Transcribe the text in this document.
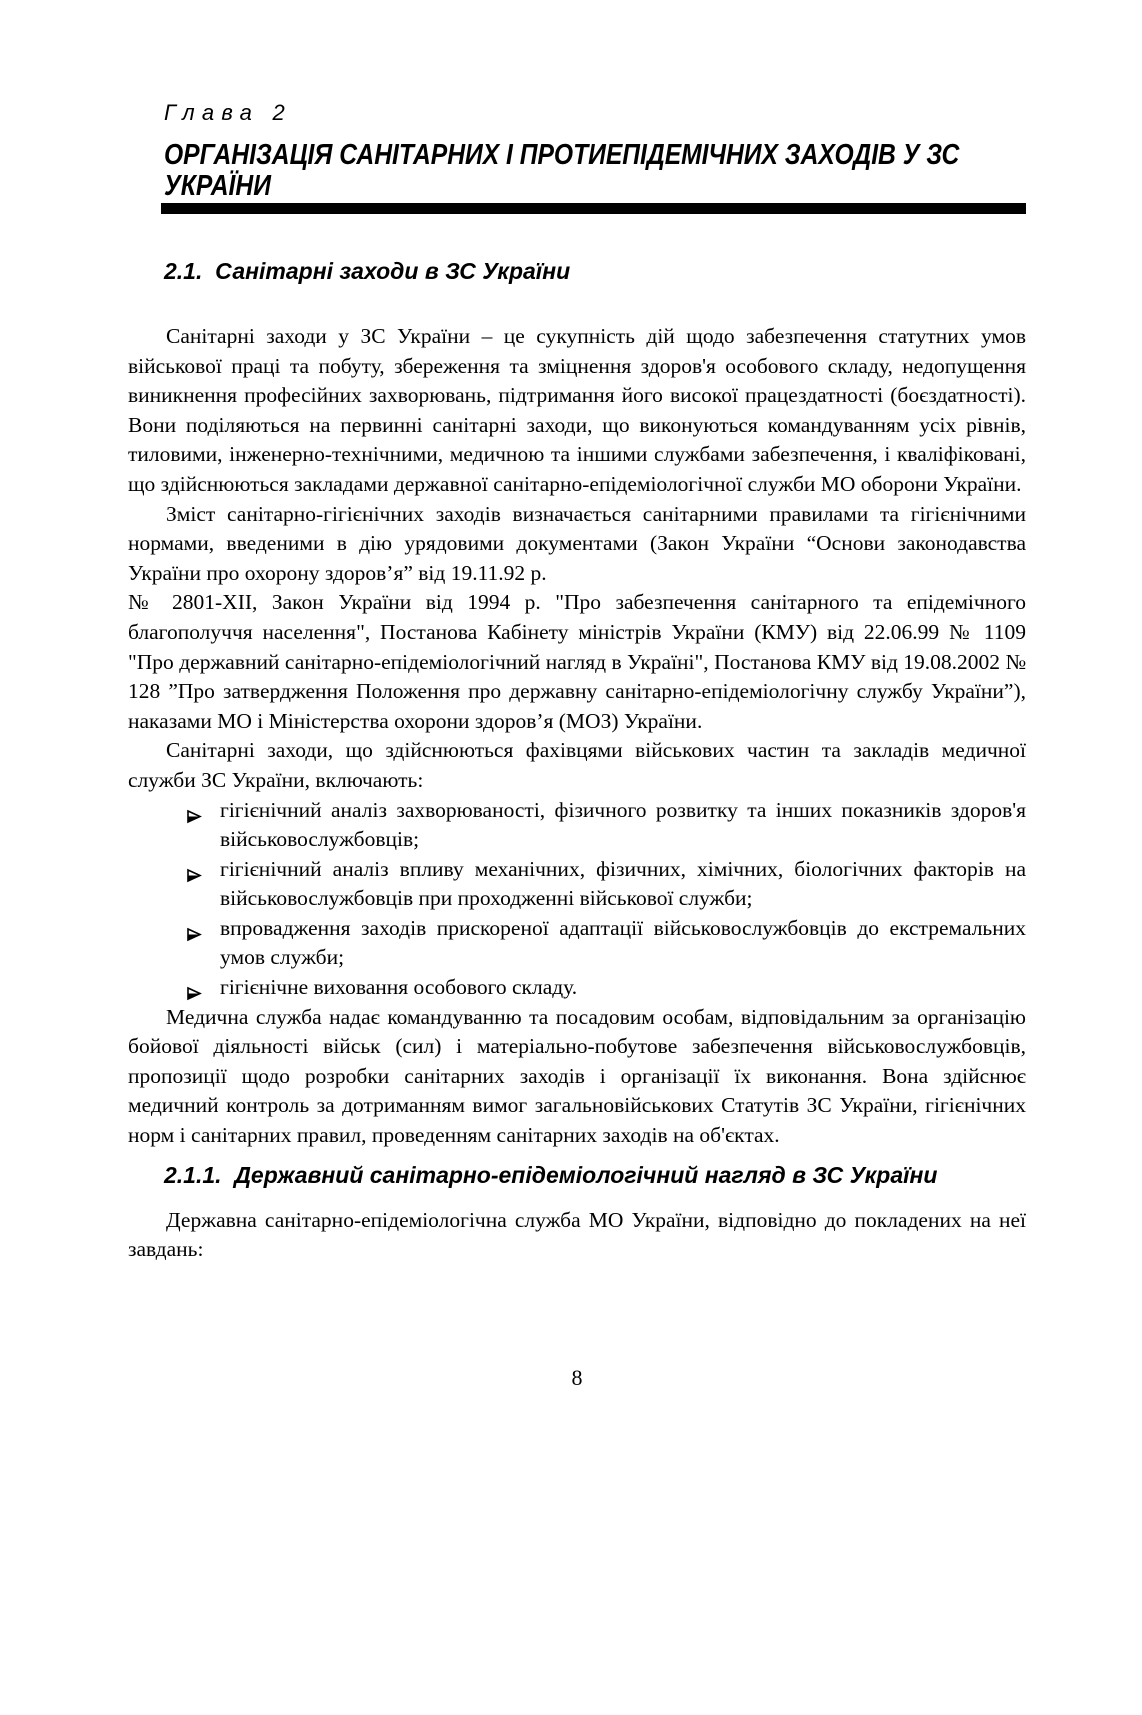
Глава 2
ОРГАНІЗАЦІЯ САНІТАРНИХ І ПРОТИЕПІДЕМІЧНИХ ЗАХОДІВ У ЗС УКРАЇНИ
2.1.  Санітарні заходи в ЗС України

Санітарні заходи у ЗС України – це сукупність дій щодо забезпечення статутних умов військової праці та побуту, збереження та зміцнення здоров'я особового складу, недопущення виникнення професійних захворювань, підтримання його високої працездатності (боєздатності). Вони поділяються на первинні санітарні заходи, що виконуються командуванням усіх рівнів, тиловими, інженерно-технічними, медичною та іншими службами забезпечення, і кваліфіковані, що здійснюються закладами державної санітарно-епідеміологічної служби МО оборони України.

Зміст санітарно-гігієнічних заходів визначається санітарними правилами та гігієнічними нормами, введеними в дію урядовими документами (Закон України “Основи законодавства України про охорону здоров’я” від 19.11.92 р.

№ 2801-ХІІ, Закон України від 1994 р. "Про забезпечення санітарного та епідемічного благополуччя населення", Постанова Кабінету міністрів України (КМУ) від 22.06.99 № 1109 "Про державний санітарно-епідеміологічний нагляд в Україні", Постанова КМУ від 19.08.2002 № 128 ”Про затвердження Положення про державну санітарно-епідеміологічну службу України”), наказами МО і Міністерства охорони здоров’я (МОЗ) України.

Санітарні заходи, що здійснюються фахівцями військових частин та закладів медичної служби ЗС України, включають:

гігієнічний аналіз захворюваності, фізичного розвитку та інших показників здоров'я військовослужбовців;
гігієнічний аналіз впливу механічних, фізичних, хімічних, біологічних факторів на військовослужбовців при проходженні військової служби;
впровадження заходів прискореної адаптації військовослужбовців до екстремальних умов служби;
гігієнічне виховання особового складу.

Медична служба надає командуванню та посадовим особам, відповідальним за організацію бойової діяльності військ (сил) і матеріально-побутове забезпечення військовослужбовців, пропозиції щодо розробки санітарних заходів і організації їх виконання. Вона здійснює медичний контроль за дотриманням вимог загальновійськових Статутів ЗС України, гігієнічних норм і санітарних правил, проведенням санітарних заходів на об'єктах.

2.1.1.  Державний санітарно-епідеміологічний нагляд в ЗС України

Державна санітарно-епідеміологічна служба МО України, відповідно до покладених на неї завдань:

8
